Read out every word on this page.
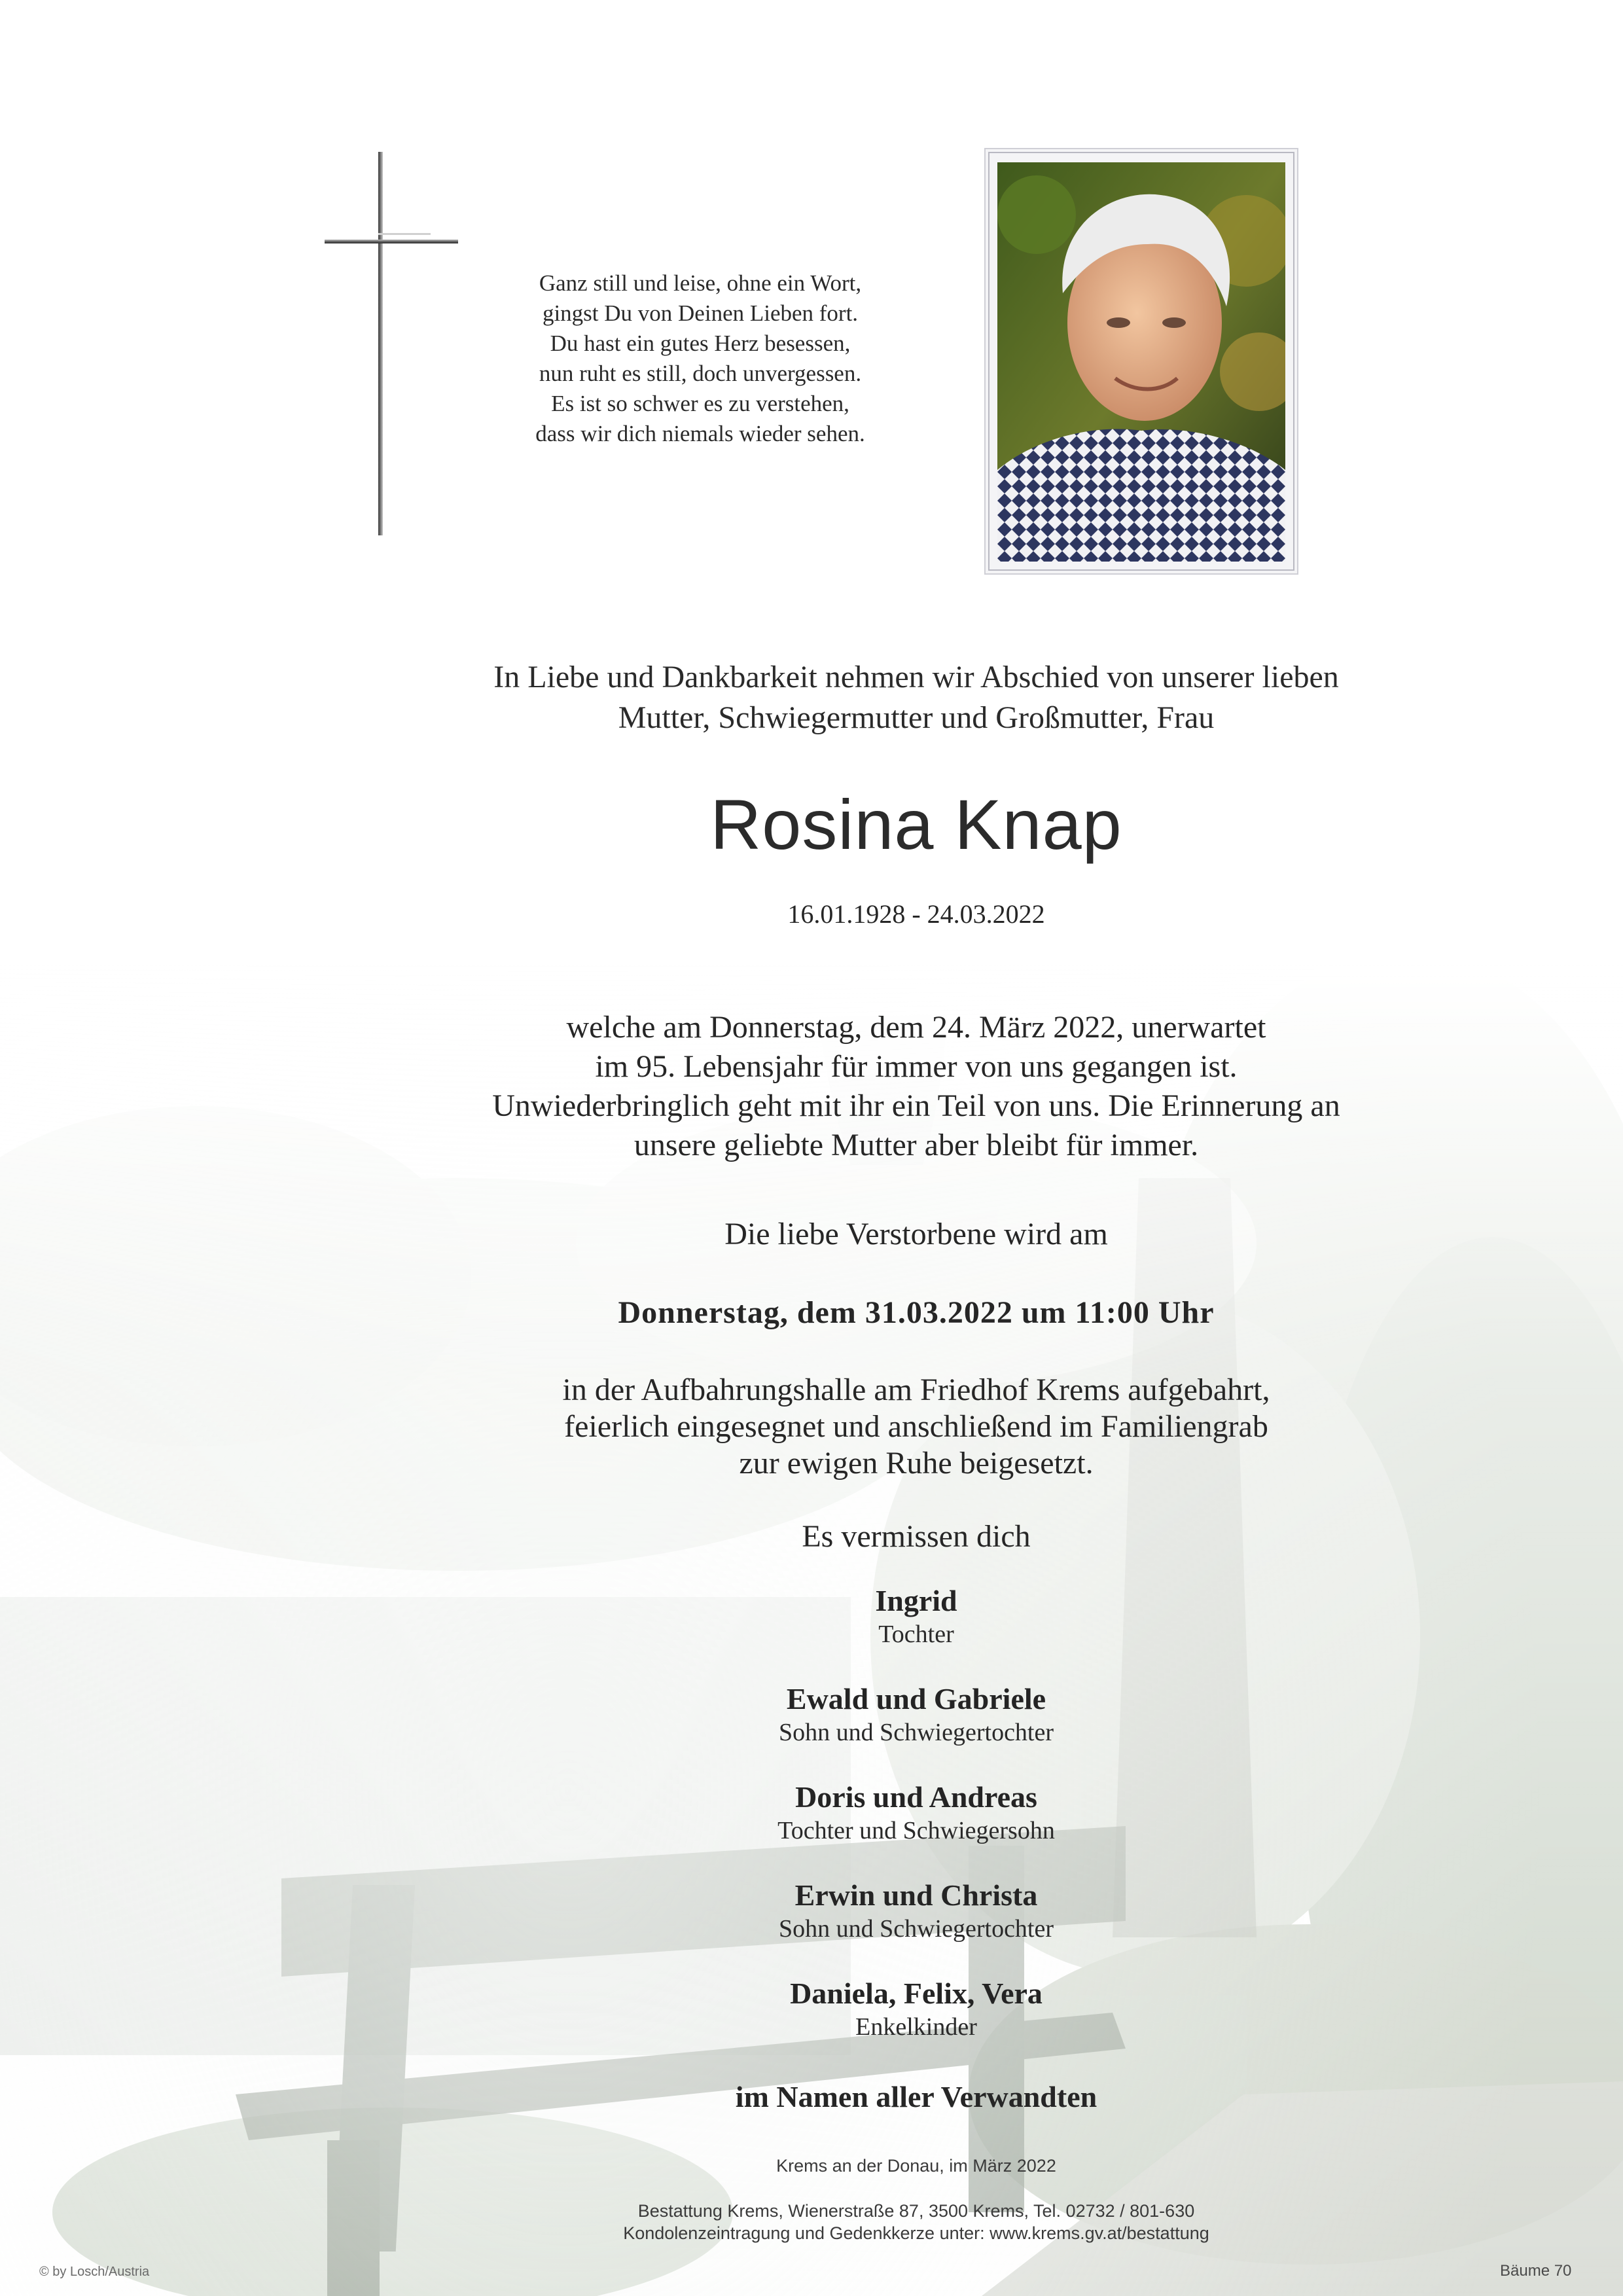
Ganz still und leise, ohne ein Wort,
gingst Du von Deinen Lieben fort.
Du hast ein gutes Herz besessen,
nun ruht es still, doch unvergessen.
Es ist so schwer es zu verstehen,
dass wir dich niemals wieder sehen.
In Liebe und Dankbarkeit nehmen wir Abschied von unserer lieben
Mutter, Schwiegermutter und Großmutter, Frau
Rosina Knap
16.01.1928 - 24.03.2022
welche am Donnerstag, dem 24. März 2022, unerwartet
im 95. Lebensjahr für immer von uns gegangen ist.
Unwiederbringlich geht mit ihr ein Teil von uns. Die Erinnerung an
unsere geliebte Mutter aber bleibt für immer.
Die liebe Verstorbene wird am
Donnerstag, dem 31.03.2022 um 11:00 Uhr
in der Aufbahrungshalle am Friedhof Krems aufgebahrt,
feierlich eingesegnet und anschließend im Familiengrab
zur ewigen Ruhe beigesetzt.
Es vermissen dich
Ingrid
Tochter
Ewald und Gabriele
Sohn und Schwiegertochter
Doris und Andreas
Tochter und Schwiegersohn
Erwin und Christa
Sohn und Schwiegertochter
Daniela, Felix, Vera
Enkelkinder
im Namen aller Verwandten
Krems an der Donau, im März 2022
Bestattung Krems, Wienerstraße 87, 3500 Krems, Tel. 02732 / 801-630
Kondolenzeintragung und Gedenkkerze unter: www.krems.gv.at/bestattung
© by Losch/Austria	Bäume 70
